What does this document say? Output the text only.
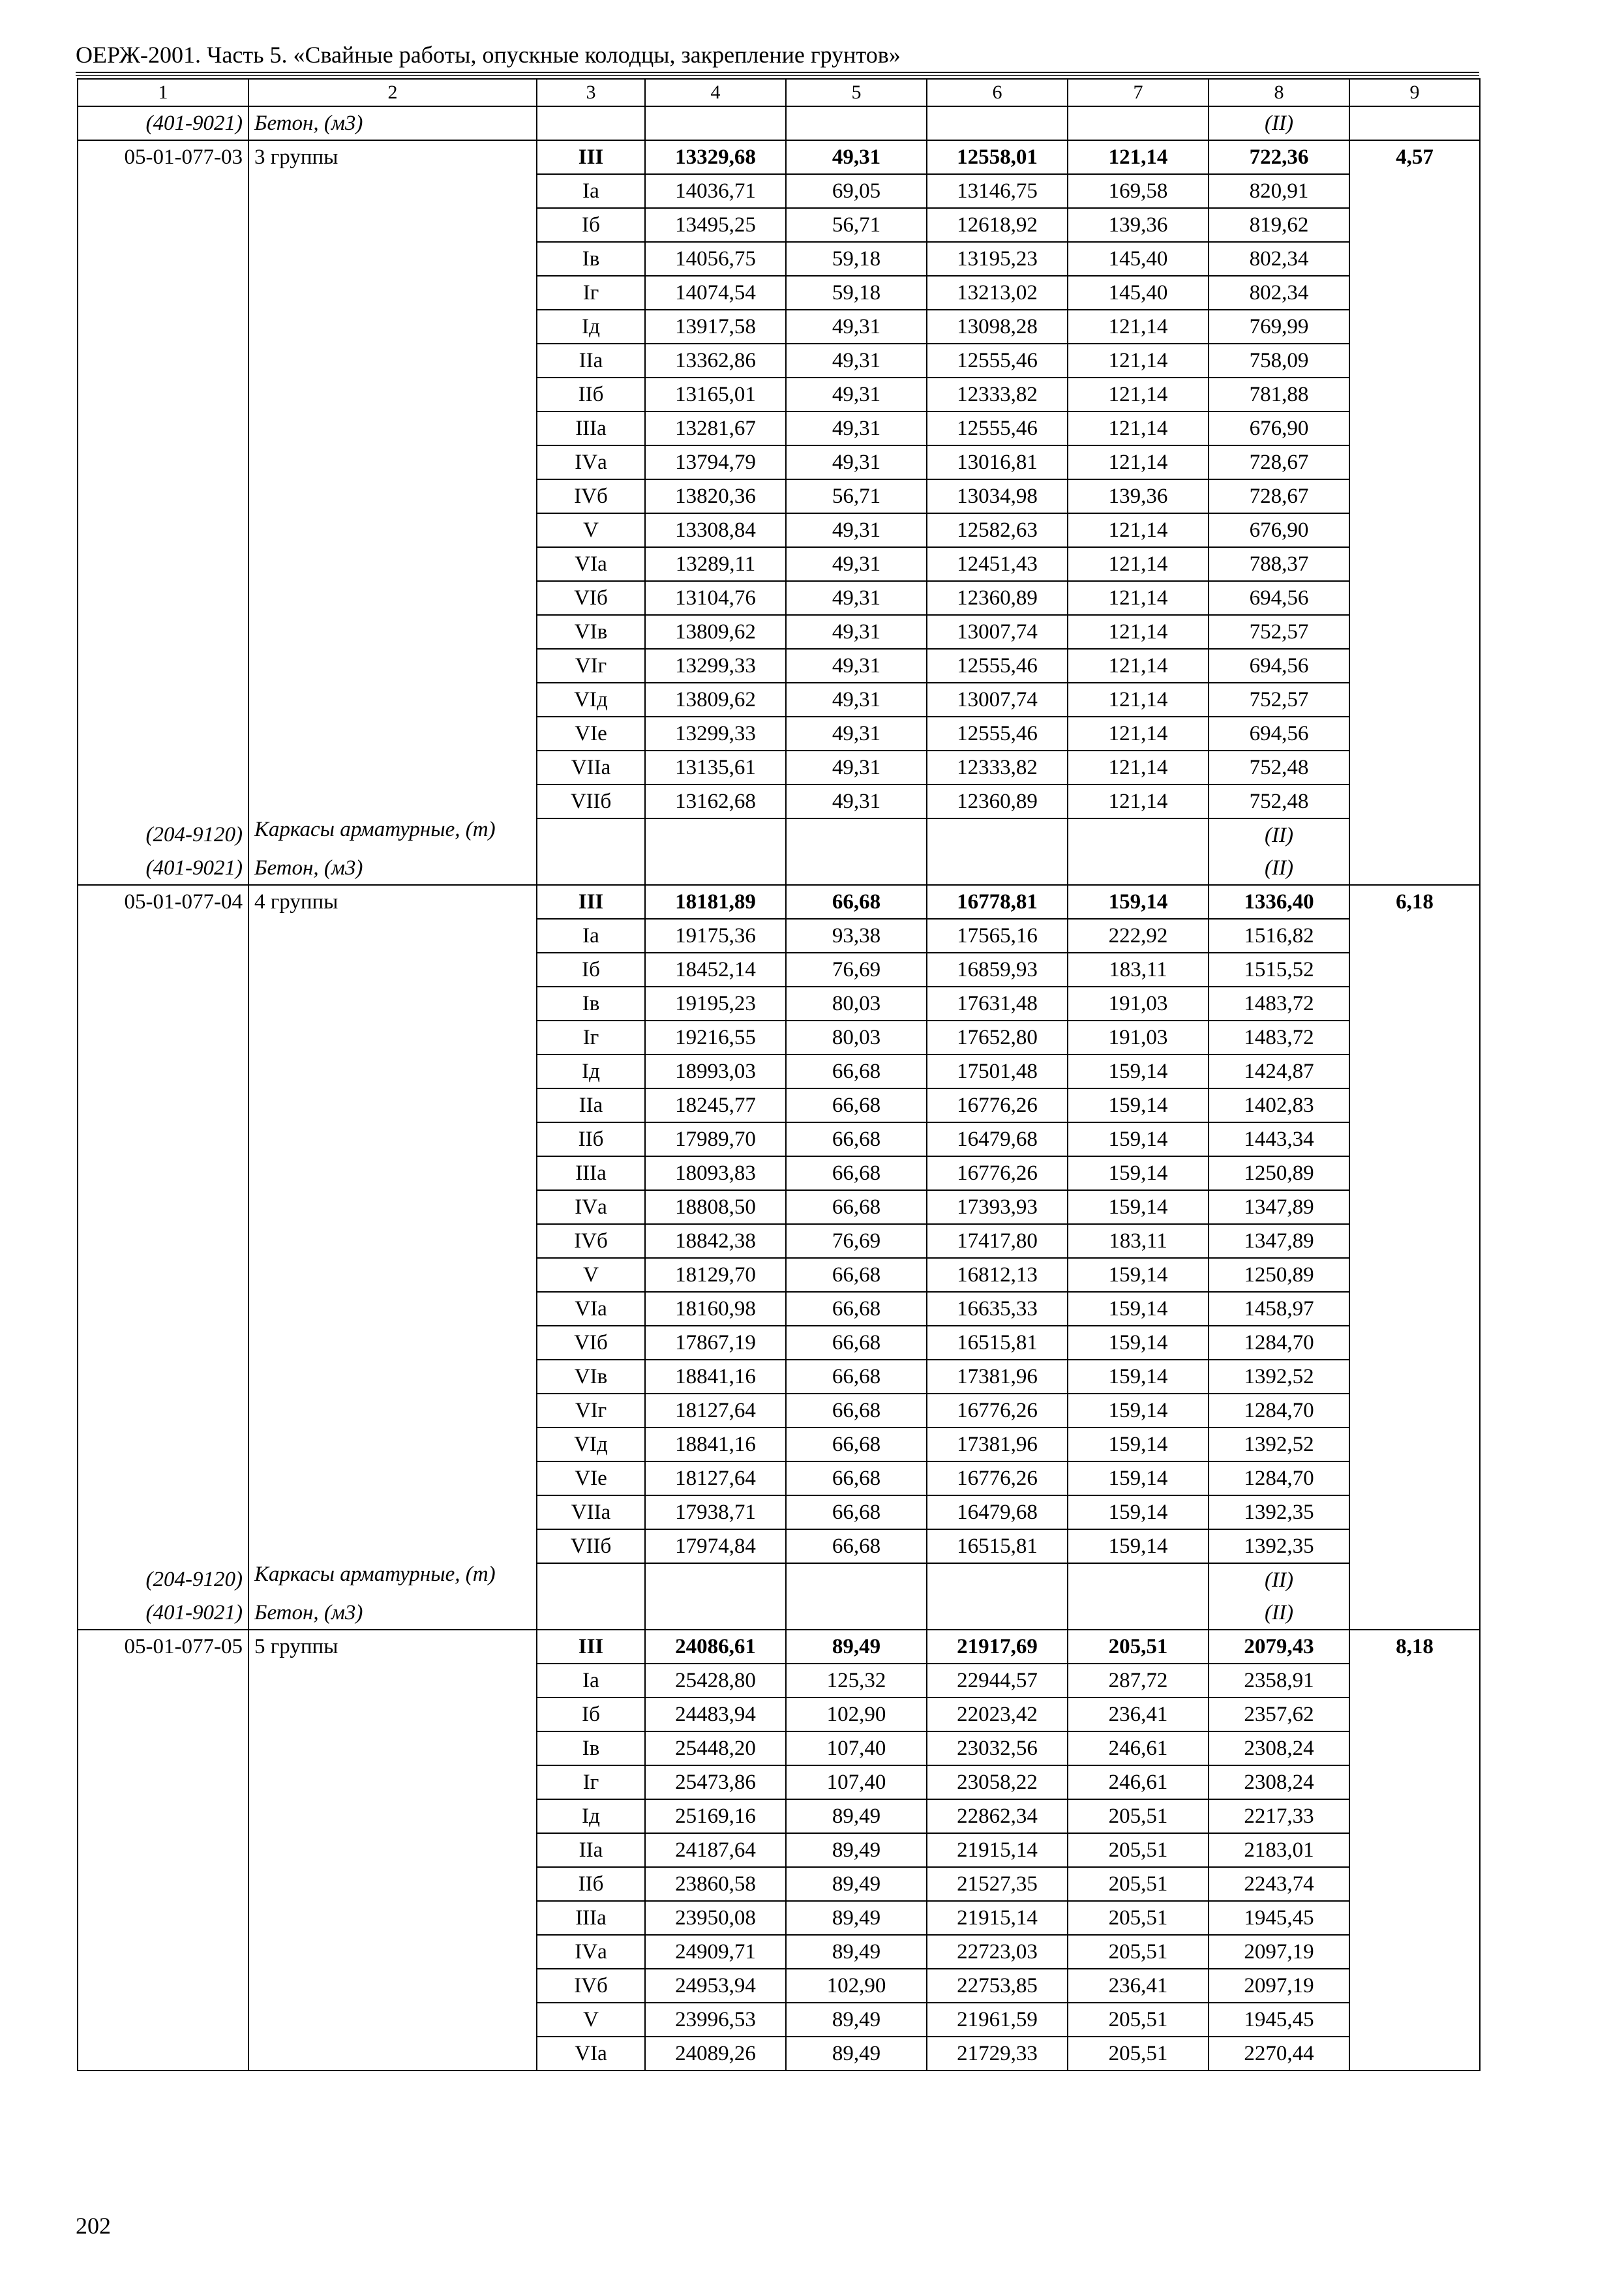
ОЕРЖ-2001. Часть 5. «Свайные работы, опускные колодцы, закрепление грунтов»
1	2	3	4	5	6	7	8	9
(401-9021)	Бетон, (м3)						(II)	
05-01-077-03	3 группы	III	13329,68	49,31	12558,01	121,14	722,36	4,57
		Iа	14036,71	69,05	13146,75	169,58	820,91	
		Iб	13495,25	56,71	12618,92	139,36	819,62	
		Iв	14056,75	59,18	13195,23	145,40	802,34	
		Iг	14074,54	59,18	13213,02	145,40	802,34	
		Iд	13917,58	49,31	13098,28	121,14	769,99	
		IIа	13362,86	49,31	12555,46	121,14	758,09	
		IIб	13165,01	49,31	12333,82	121,14	781,88	
		IIIа	13281,67	49,31	12555,46	121,14	676,90	
		IVа	13794,79	49,31	13016,81	121,14	728,67	
		IVб	13820,36	56,71	13034,98	139,36	728,67	
		V	13308,84	49,31	12582,63	121,14	676,90	
		VIа	13289,11	49,31	12451,43	121,14	788,37	
		VIб	13104,76	49,31	12360,89	121,14	694,56	
		VIв	13809,62	49,31	13007,74	121,14	752,57	
		VIг	13299,33	49,31	12555,46	121,14	694,56	
		VIд	13809,62	49,31	13007,74	121,14	752,57	
		VIе	13299,33	49,31	12555,46	121,14	694,56	
		VIIа	13135,61	49,31	12333,82	121,14	752,48	
		VIIб	13162,68	49,31	12360,89	121,14	752,48	
(204-9120)	Каркасы арматурные, (т)						(II)	
(401-9021)	Бетон, (м3)						(II)	
05-01-077-04	4 группы	III	18181,89	66,68	16778,81	159,14	1336,40	6,18
		Iа	19175,36	93,38	17565,16	222,92	1516,82	
		Iб	18452,14	76,69	16859,93	183,11	1515,52	
		Iв	19195,23	80,03	17631,48	191,03	1483,72	
		Iг	19216,55	80,03	17652,80	191,03	1483,72	
		Iд	18993,03	66,68	17501,48	159,14	1424,87	
		IIа	18245,77	66,68	16776,26	159,14	1402,83	
		IIб	17989,70	66,68	16479,68	159,14	1443,34	
		IIIа	18093,83	66,68	16776,26	159,14	1250,89	
		IVа	18808,50	66,68	17393,93	159,14	1347,89	
		IVб	18842,38	76,69	17417,80	183,11	1347,89	
		V	18129,70	66,68	16812,13	159,14	1250,89	
		VIа	18160,98	66,68	16635,33	159,14	1458,97	
		VIб	17867,19	66,68	16515,81	159,14	1284,70	
		VIв	18841,16	66,68	17381,96	159,14	1392,52	
		VIг	18127,64	66,68	16776,26	159,14	1284,70	
		VIд	18841,16	66,68	17381,96	159,14	1392,52	
		VIе	18127,64	66,68	16776,26	159,14	1284,70	
		VIIа	17938,71	66,68	16479,68	159,14	1392,35	
		VIIб	17974,84	66,68	16515,81	159,14	1392,35	
(204-9120)	Каркасы арматурные, (т)						(II)	
(401-9021)	Бетон, (м3)						(II)	
05-01-077-05	5 группы	III	24086,61	89,49	21917,69	205,51	2079,43	8,18
		Iа	25428,80	125,32	22944,57	287,72	2358,91	
		Iб	24483,94	102,90	22023,42	236,41	2357,62	
		Iв	25448,20	107,40	23032,56	246,61	2308,24	
		Iг	25473,86	107,40	23058,22	246,61	2308,24	
		Iд	25169,16	89,49	22862,34	205,51	2217,33	
		IIа	24187,64	89,49	21915,14	205,51	2183,01	
		IIб	23860,58	89,49	21527,35	205,51	2243,74	
		IIIа	23950,08	89,49	21915,14	205,51	1945,45	
		IVа	24909,71	89,49	22723,03	205,51	2097,19	
		IVб	24953,94	102,90	22753,85	236,41	2097,19	
		V	23996,53	89,49	21961,59	205,51	1945,45	
		VIа	24089,26	89,49	21729,33	205,51	2270,44	
202
